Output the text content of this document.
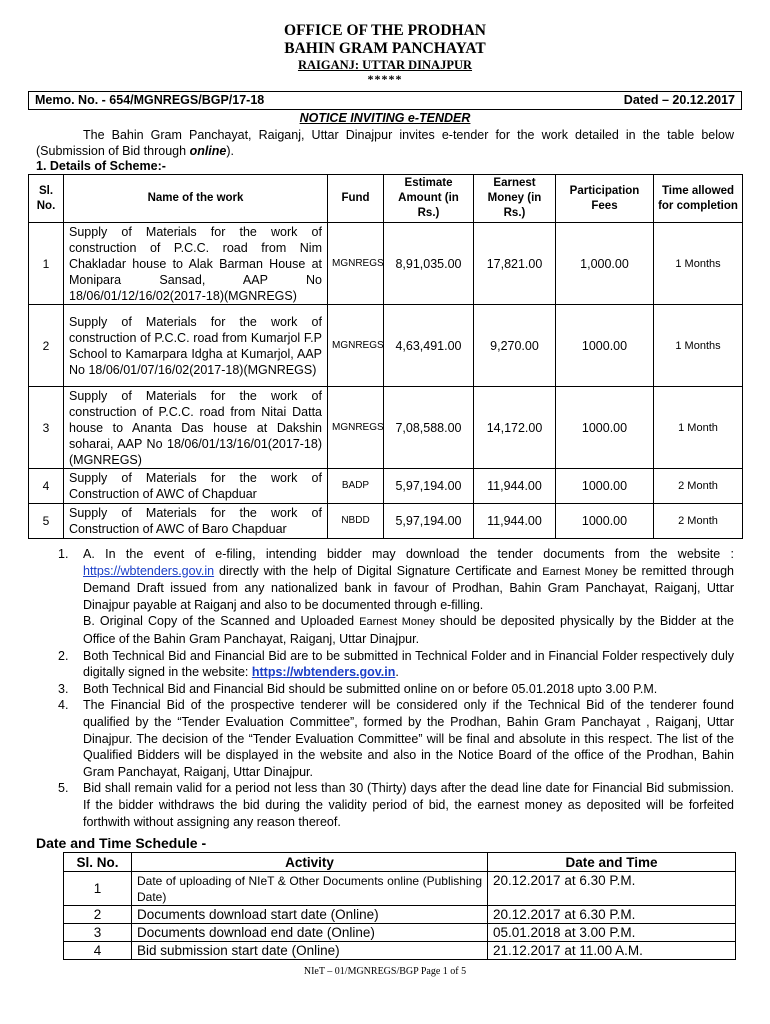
OFFICE OF THE PRODHAN
BAHIN GRAM PANCHAYAT
RAIGANJ: UTTAR DINAJPUR
*****
Memo. No. - 654/MGNREGS/BGP/17-18	Dated – 20.12.2017
NOTICE INVITING e-TENDER
The Bahin Gram Panchayat, Raiganj, Uttar Dinajpur invites e-tender for the work detailed in the table below (Submission of Bid through online).
1. Details of Scheme:-
Sl. No.	Name of the work	Fund	Estimate Amount (in Rs.)	Earnest Money (in Rs.)	Participation Fees	Time allowed for completion
1	Supply of Materials for the work of construction of P.C.C. road from Nim Chakladar house to Alak Barman House at Monipara Sansad, AAP No 18/06/01/12/16/02(2017-18)(MGNREGS)	MGNREGS	8,91,035.00	17,821.00	1,000.00	1 Months
2	Supply of Materials for the work of construction of P.C.C. road from Kumarjol F.P School to Kamarpara Idgha at Kumarjol, AAP No 18/06/01/07/16/02(2017-18)(MGNREGS)	MGNREGS	4,63,491.00	9,270.00	1000.00	1 Months
3	Supply of Materials for the work of construction of P.C.C. road from Nitai Datta house to Ananta Das house at Dakshin soharai, AAP No 18/06/01/13/16/01(2017-18)(MGNREGS)	MGNREGS	7,08,588.00	14,172.00	1000.00	1 Month
4	Supply of Materials for the work of Construction of AWC of Chapduar	BADP	5,97,194.00	11,944.00	1000.00	2 Month
5	Supply of Materials for the work of Construction of AWC of Baro Chapduar	NBDD	5,97,194.00	11,944.00	1000.00	2 Month
1. A. In the event of e-filing, intending bidder may download the tender documents from the website : https://wbtenders.gov.in directly with the help of Digital Signature Certificate and Earnest Money be remitted through Demand Draft issued from any nationalized bank in favour of Prodhan, Bahin Gram Panchayat, Raiganj, Uttar Dinajpur payable at Raiganj and also to be documented through e-filling.
B. Original Copy of the Scanned and Uploaded Earnest Money should be deposited physically by the Bidder at the Office of the Bahin Gram Panchayat, Raiganj, Uttar Dinajpur.
2. Both Technical Bid and Financial Bid are to be submitted in Technical Folder and in Financial Folder respectively duly digitally signed in the website: https://wbtenders.gov.in.
3. Both Technical Bid and Financial Bid should be submitted online on or before 05.01.2018 upto 3.00 P.M.
4. The Financial Bid of the prospective tenderer will be considered only if the Technical Bid of the tenderer found qualified by the “Tender Evaluation Committee”, formed by the Prodhan, Bahin Gram Panchayat , Raiganj, Uttar Dinajpur. The decision of the “Tender Evaluation Committee” will be final and absolute in this respect. The list of the Qualified Bidders will be displayed in the website and also in the Notice Board of the office of the Prodhan, Bahin Gram Panchayat, Raiganj, Uttar Dinajpur.
5. Bid shall remain valid for a period not less than 30 (Thirty) days after the dead line date for Financial Bid submission. If the bidder withdraws the bid during the validity period of bid, the earnest money as deposited will be forfeited forthwith without assigning any reason thereof.
Date and Time Schedule -
Sl. No.	Activity	Date and Time
1	Date of uploading of NIeT & Other Documents online (Publishing Date)	20.12.2017 at 6.30 P.M.
2	Documents download start date (Online)	20.12.2017 at 6.30 P.M.
3	Documents download end date (Online)	05.01.2018 at 3.00 P.M.
4	Bid submission start date (Online)	21.12.2017 at 11.00 A.M.
NIeT – 01/MGNREGS/BGP Page 1 of 5
